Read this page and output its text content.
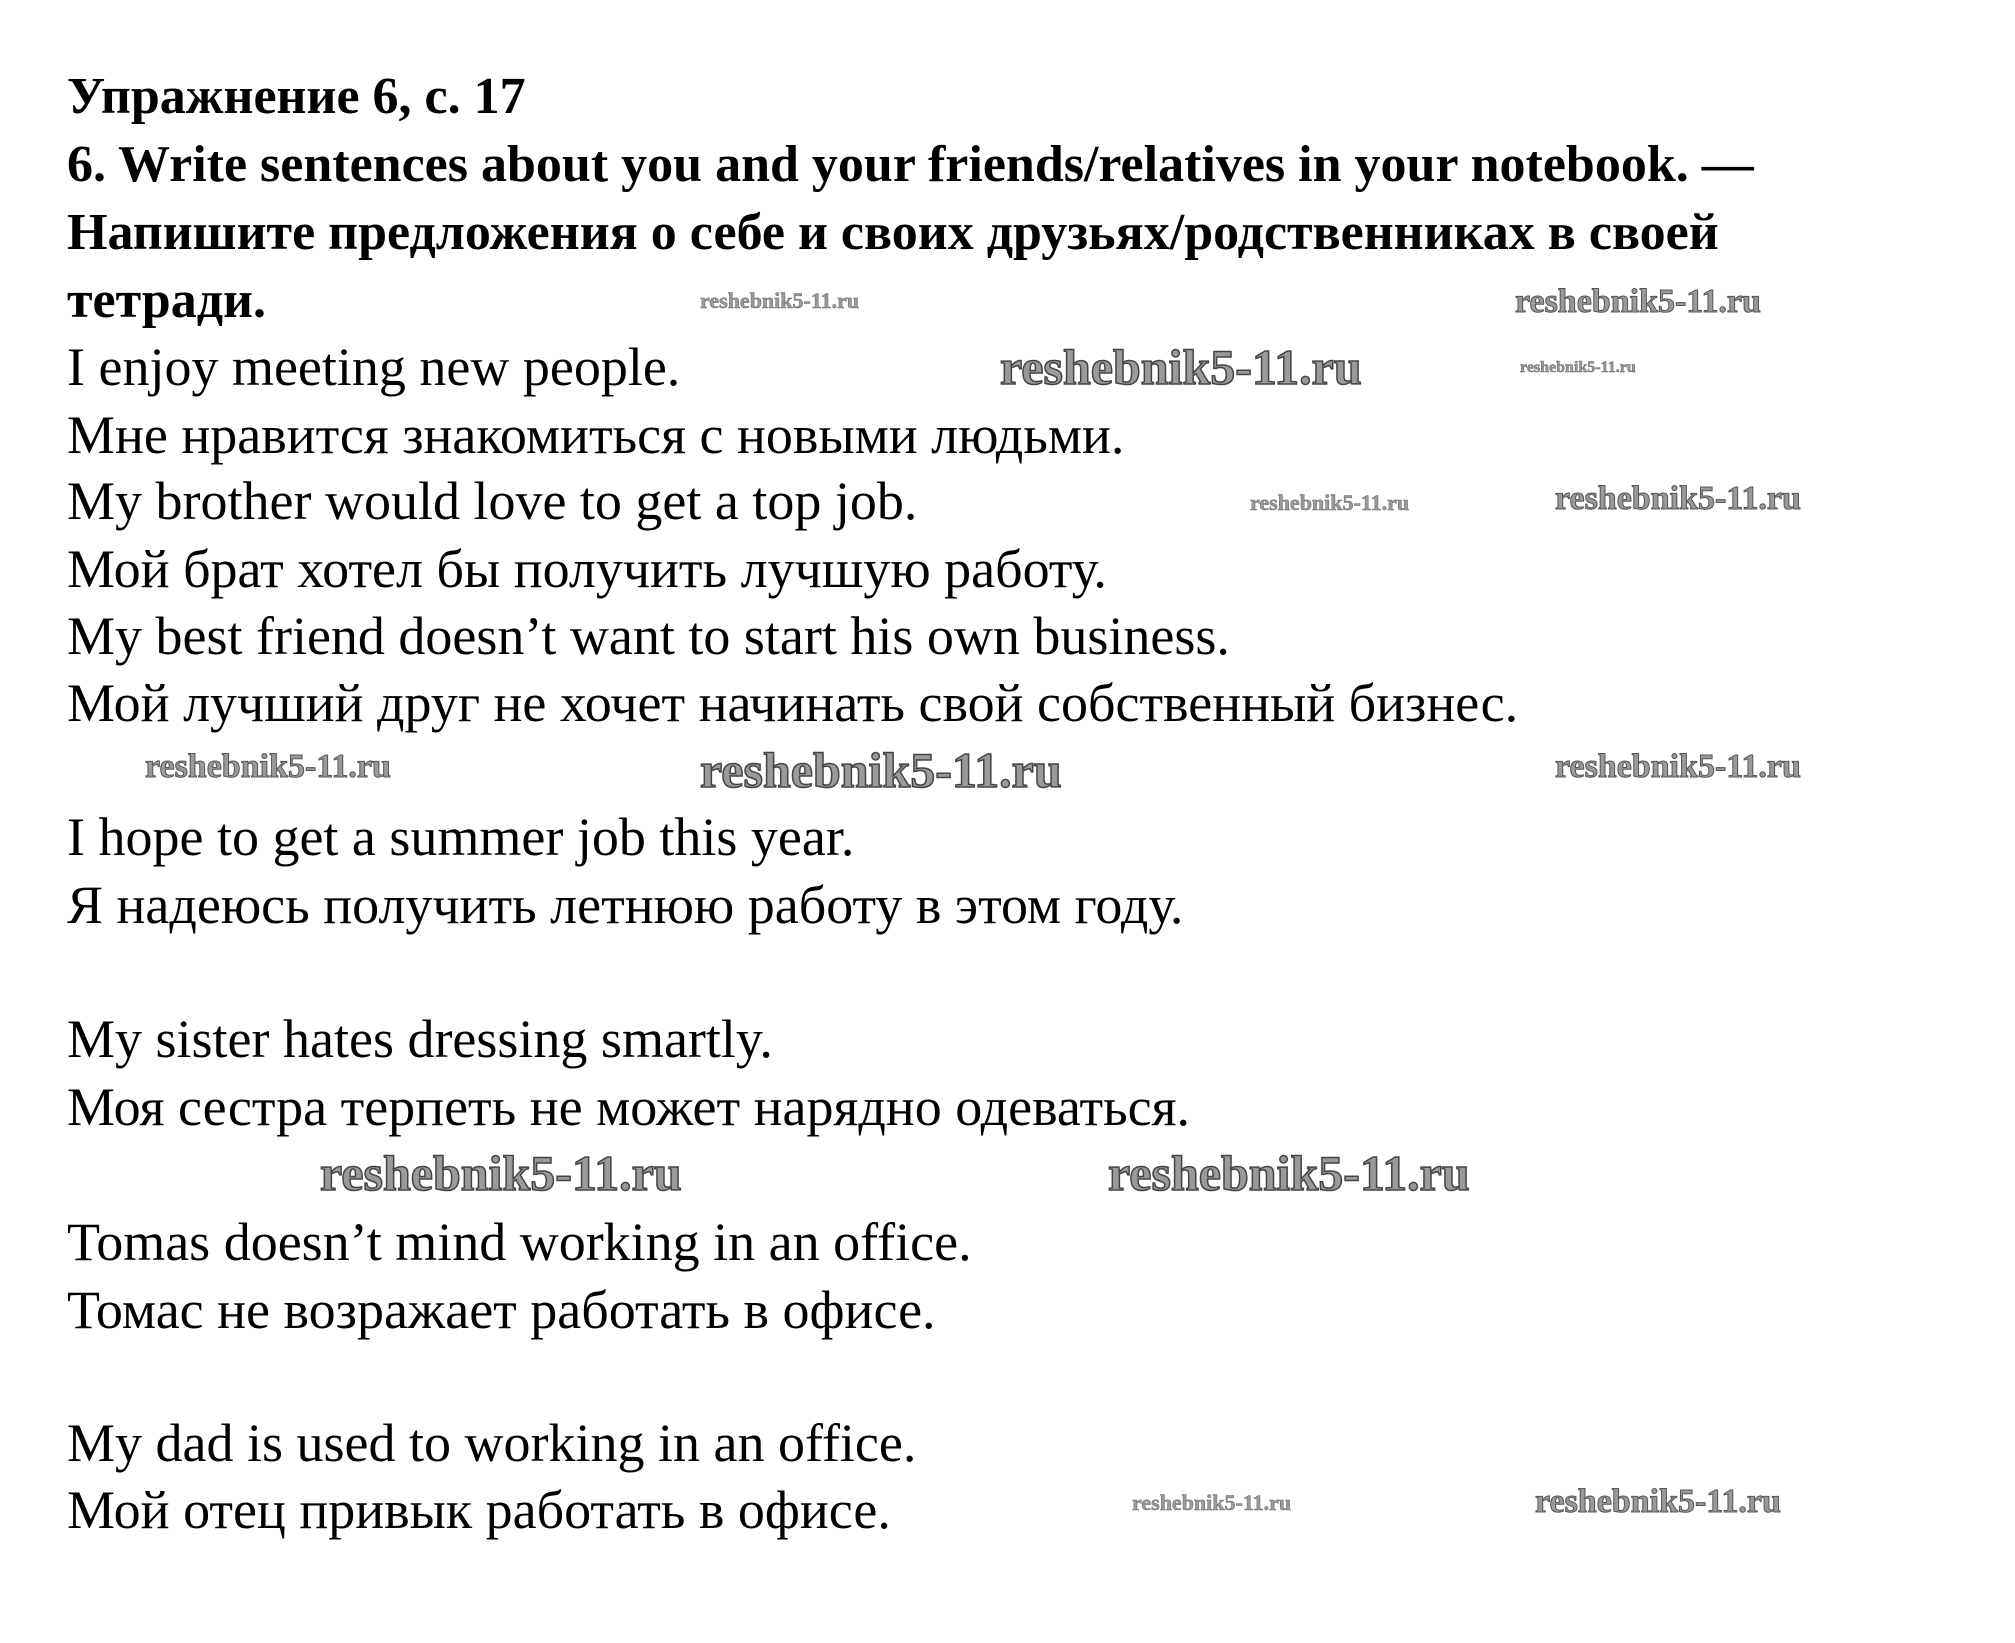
Упражнение 6, с. 17
6. Write sentences about you and your friends/relatives in your notebook. —
Напишите предложения о себе и своих друзьях/родственниках в своей
тетради.
I enjoy meeting new people.
Мне нравится знакомиться с новыми людьми.
My brother would love to get a top job.
Мой брат хотел бы получить лучшую работу.
My best friend doesn’t want to start his own business.
Мой лучший друг не хочет начинать свой собственный бизнес.
I hope to get a summer job this year.
Я надеюсь получить летнюю работу в этом году.
My sister hates dressing smartly.
Моя сестра терпеть не может нарядно одеваться.
Tomas doesn’t mind working in an office.
Томас не возражает работать в офисе.
My dad is used to working in an office.
Мой отец привык работать в офисе.
reshebnik5-11.ru	reshebnik5-11.ru
reshebnik5-11.ru	reshebnik5-11.ru
reshebnik5-11.ru
reshebnik5-11.ru
reshebnik5-11.ru
reshebnik5-11.ru	reshebnik5-11.ru
reshebnik5-11.ru
reshebnik5-11.ru
reshebnik5-11.ru	reshebnik5-11.ru
